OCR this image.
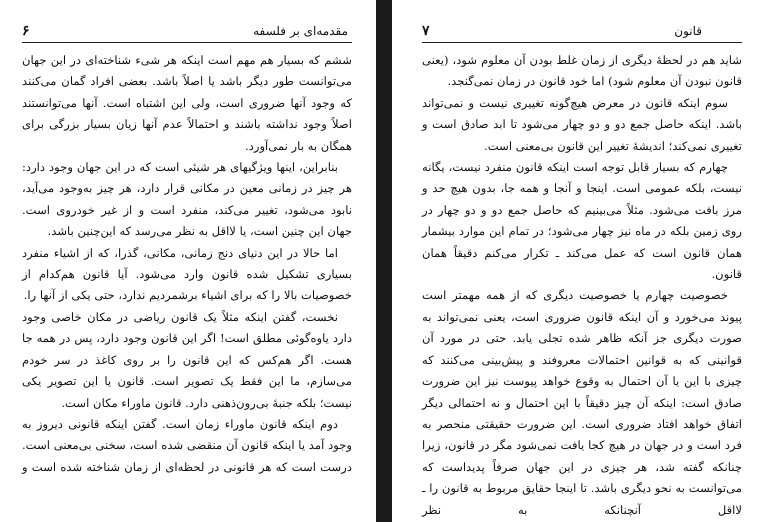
۶	مقدمه‌ای بر فلسفه

ششم که بسیار هم مهم است اینکه هر شیء شناخته‌ای در این جهان می‌توانست طور دیگر باشد یا اصلاً باشد. بعضی افراد گمان می‌کنند که وجود آنها ضروری است، ولی این اشتباه است. آنها می‌توانستند اصلاً وجود نداشته باشند و احتمالاً عدم آنها زیان بسیار بزرگی برای همگان به بار نمی‌آورد.

بنابراین، اینها ویژگیهای هر شیئی است که در این جهان وجود دارد: هر چیز در زمانی معین در مکانی قرار دارد، هر چیز به‌وجود می‌آید، نابود می‌شود، تغییر می‌کند، منفرد است و از غیر خودروی است. جهان این چنین است، یا لااقل به نظر می‌رسد که این‌چنین باشد.

اما حالا در این دنیای دنج زمانی، مکانی، گذرا، که از اشیاء منفرد بسیاری تشکیل شده قانون وارد می‌شود. آیا قانون هم‌کدام از خصوصیات بالا را که برای اشیاء برشمردیم ندارد، حتی یکی از آنها را.

نخست، گفتن اینکه مثلاً یک قانون ریاضی در مکان خاصی وجود دارد یاوه‌گوئی مطلق است! اگر این قانون وجود دارد، پس در همه جا هست. اگر هم‌کس که این قانون را بر روی کاغذ در سر خودم می‌سازم، ما این فقط یک تصویر است. قانون یا این تصویر یکی نیست؛ بلکه جنبهٔ بی‌رون‌ذهنی دارد. قانون ماوراء مکان است.

دوم اینکه قانون ماوراء زمان است. گفتن اینکه قانونی دیروز به وجود آمد یا اینکه قانون آن منقضی شده است، سخنی بی‌معنی است. درست است که هر قانونی در لحظه‌ای از زمان شناخته شده است و

۷	قانون

شاید هم در لحظهٔ دیگری از زمان غلط بودن آن معلوم شود، (یعنی قانون نبودن آن معلوم شود) اما خود قانون در زمان نمی‌گنجد.

سوم اینکه قانون در معرض هیچ‌گونه تغییری نیست و نمی‌تواند باشد. اینکه حاصل جمع دو و دو چهار می‌شود تا ابد صادق است و تغییری نمی‌کند؛ اندیشهٔ تغییر این قانون بی‌معنی است.

چهارم که بسیار قابل توجه است اینکه قانون منفرد نیست، یگانه نیست، بلکه عمومی است. اینجا و آنجا و همه جا، بدون هیچ حد و مرز بافت می‌شود. مثلاً می‌بینیم که حاصل جمع دو و دو چهار در روی زمین بلکه در ماه نیز چهار می‌شود؛ در تمام این موارد بیشمار همان قانون است که عمل می‌کند ـ تکرار می‌کنم دقیقاً همان قانون.

خصوصیت چهارم یا خصوصیت دیگری که از همه مهمتر است پیوند می‌خورد و آن اینکه قانون ضروری است، یعنی نمی‌تواند به صورت دیگری جز آنکه ظاهر شده تجلی یابد. حتی در مورد آن قوانینی که به قوانین احتمالات معروفند و پیش‌بینی می‌کنند که چیزی با این یا آن احتمال به وقوع خواهد پیوست نیز این ضرورت صادق است: اینکه آن چیز دقیقاً با این احتمال و نه احتمالی دیگر اتفاق خواهد افتاد ضروری است. این ضرورت حقیقتی منحصر به فرد است و در جهان در هیچ کجا یافت نمی‌شود مگر در قانون، زیرا چنانکه گفته شد، هر چیزی در این جهان صرفاً پدیداست که می‌توانست به نحو دیگری باشد. تا اینجا حقایق مربوط به قانون را ـ لااقل آنچنانکه به نظر
